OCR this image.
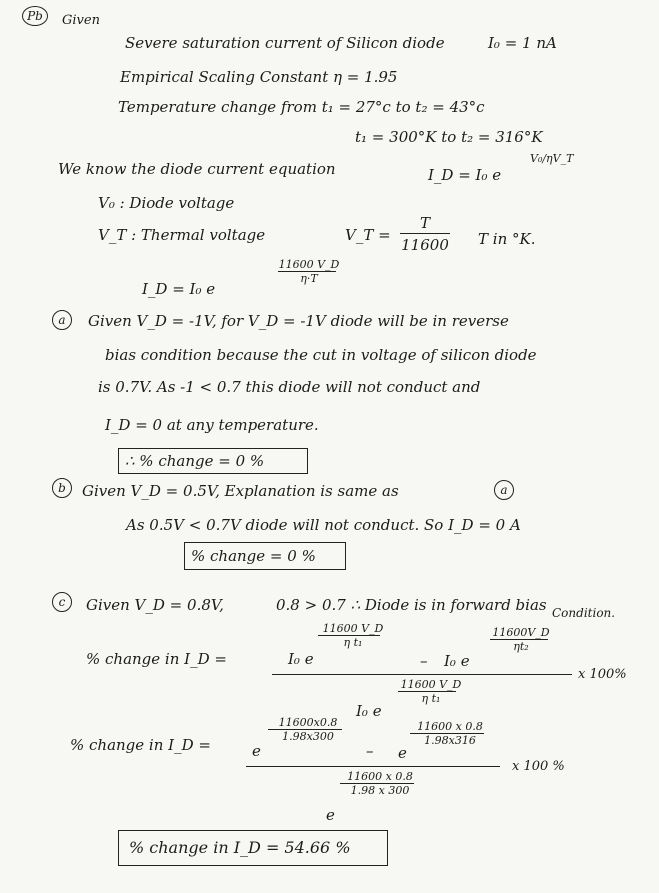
Pb	Given
Severe saturation current of Silicon diode	I₀ = 1 nA
Empirical Scaling Constant η = 1.95
Temperature change from t₁ = 27°c to t₂ = 43°c
t₁ = 300°K to t₂ = 316°K
We know the diode current equation	I_D = I₀ e
V₀/ηV_T
V₀ : Diode voltage
V_T : Thermal voltage	V_T =
T
11600 T in °K.
I_D = I₀ e
11600 V_D
η·T
a	Given V_D = -1V, for V_D = -1V diode will be in reverse
bias condition because the cut in voltage of silicon diode
is 0.7V. As -1 < 0.7 this diode will not conduct and
I_D = 0 at any temperature.
∴ % change = 0 %
b	Given V_D = 0.5V, Explanation is same as	a
As 0.5V < 0.7V diode will not conduct. So I_D = 0 A
% change = 0 %
c	Given V_D = 0.8V,	0.8 > 0.7 ∴ Diode is in forward bias Condition.
% change in I_D =
11600 V_D
η t₁
I₀ e	– I₀ e
11600V_D
ηt₂
x 100%
11600 V_D
η t₁
I₀ e
% change in I_D =
11600x0.8
1.98x300
e	– e
11600 x 0.8
1.98x316
x 100 %
11600 x 0.8
1.98 x 300
e
% change in I_D = 54.66 %
